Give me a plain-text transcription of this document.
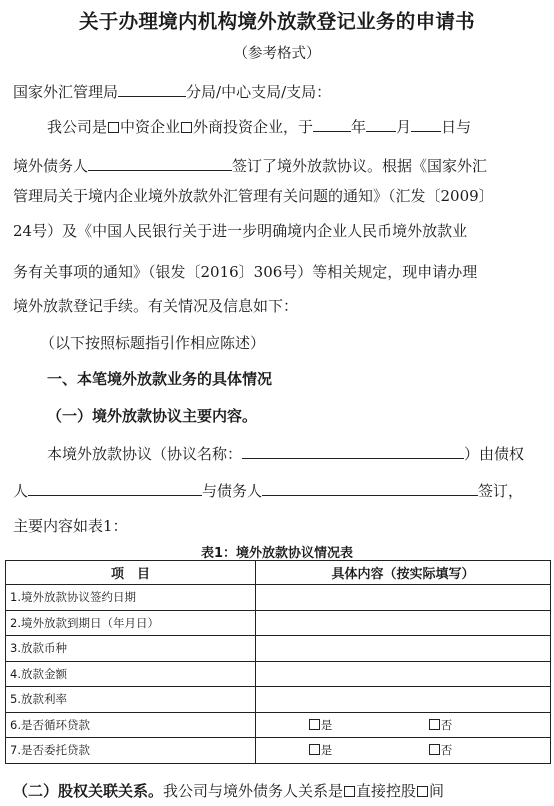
关于办理境内机构境外放款登记业务的申请书
（参考格式）
国家外汇管理局	分局/中心支局/支局：
我公司是 中资企业 外商投资企业，于	年 月 日与
境外债务人	签订了境外放款协议。根据《国家外汇
管理局关于境内企业境外放款外汇管理有关问题的通知》（汇发〔2009〕
24号）及《中国人民银行关于进一步明确境内企业人民币境外放款业
务有关事项的通知》（银发〔2016〕306号）等相关规定，现申请办理
境外放款登记手续。有关情况及信息如下：
（以下按照标题指引作相应陈述）
一、本笔境外放款业务的具体情况
（一）境外放款协议主要内容。
本境外放款协议（协议名称：	）由债权
人	与债务人	签订，
主要内容如表1：
表1：境外放款协议情况表
项　目	具体内容（按实际填写）
1.境外放款协议签约日期	
2.境外放款到期日（年月日）	
3.放款币种	
4.放款金额	
5.放款利率	
6.是否循环贷款	是 否
7.是否委托贷款	是 否
（二）股权关联关系。我公司与境外债务人关系是 直接控股 间
